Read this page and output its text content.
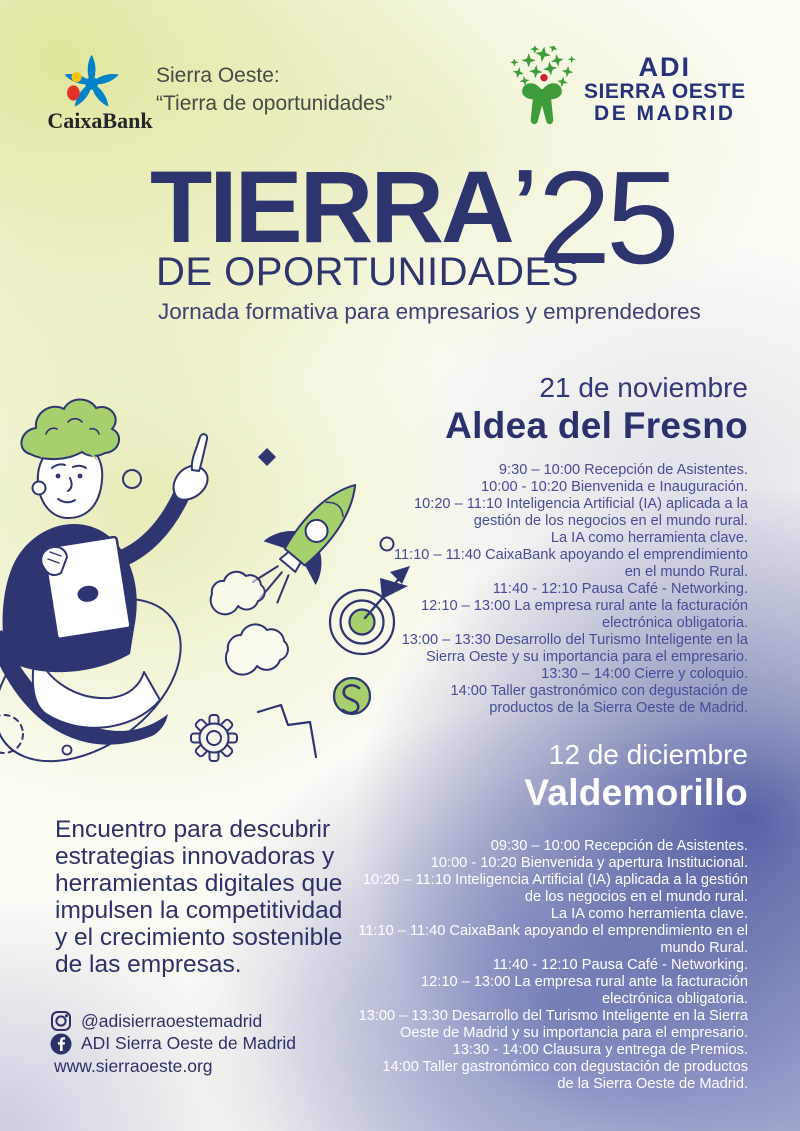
CaixaBank
Sierra Oeste:
“Tierra de oportunidades”
ADI
SIERRA OESTE
DE MADRID
TIERRA ’ 25
DE OPORTUNIDADES
Jornada formativa para empresarios y emprendedores
21 de noviembre
Aldea del Fresno
9:30 – 10:00 Recepción de Asistentes.
10:00 - 10:20 Bienvenida e Inauguración.
10:20 – 11:10 Inteligencia Artificial (IA) aplicada a la
gestión de los negocios en el mundo rural.
La IA como herramienta clave.
11:10 – 11:40 CaixaBank apoyando el emprendimiento
en el mundo Rural.
11:40 - 12:10 Pausa Café - Networking.
12:10 – 13:00 La empresa rural ante la facturación
electrónica obligatoria.
13:00 – 13:30 Desarrollo del Turismo Inteligente en la
Sierra Oeste y su importancia para el empresario.
13:30 – 14:00 Cierre y coloquio.
14:00 Taller gastronómico con degustación de
productos de la Sierra Oeste de Madrid.
12 de diciembre
Valdemorillo
09:30 – 10:00 Recepción de Asistentes.
10:00 - 10:20 Bienvenida y apertura Institucional.
10:20 – 11:10 Inteligencia Artificial (IA) aplicada a la gestión
de los negocios en el mundo rural.
La IA como herramienta clave.
11:10 – 11:40 CaixaBank apoyando el emprendimiento en el
mundo Rural.
11:40 - 12:10 Pausa Café - Networking.
12:10 – 13:00 La empresa rural ante la facturación
electrónica obligatoria.
13:00 – 13:30 Desarrollo del Turismo Inteligente en la Sierra
Oeste de Madrid y su importancia para el empresario.
13:30 - 14:00 Clausura y entrega de Premios.
14:00 Taller gastronómico con degustación de productos
de la Sierra Oeste de Madrid.
Encuentro para descubrir
estrategias innovadoras y
herramientas digitales que
impulsen la competitividad
y el crecimiento sostenible
de las empresas.
@adisierraoestemadrid
ADI Sierra Oeste de Madrid
www.sierraoeste.org
